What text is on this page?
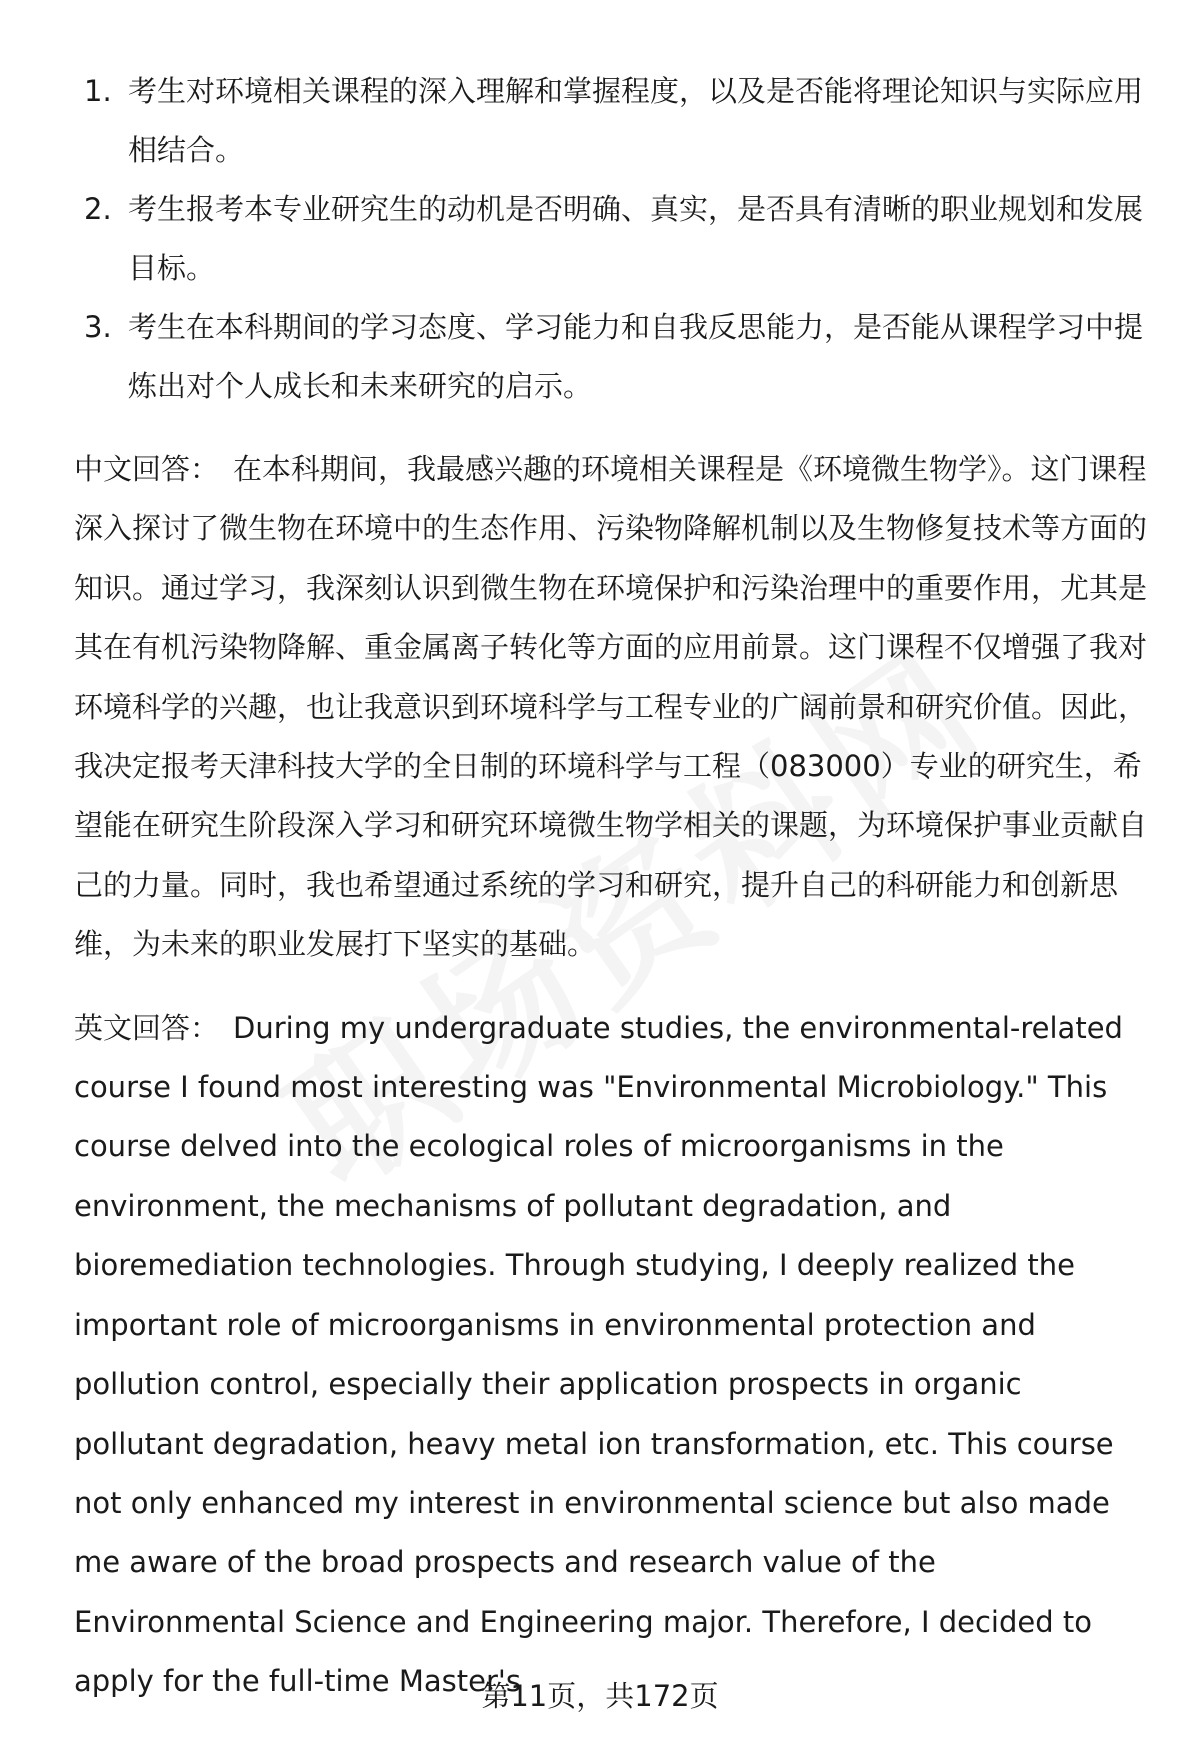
1. 考生对环境相关课程的深入理解和掌握程度，以及是否能将理论知识与实际应用相结合。
2. 考生报考本专业研究生的动机是否明确、真实，是否具有清晰的职业规划和发展目标。
3. 考生在本科期间的学习态度、学习能力和自我反思能力，是否能从课程学习中提炼出对个人成长和未来研究的启示。

中文回答： 在本科期间，我最感兴趣的环境相关课程是《环境微生物学》。这门课程深入探讨了微生物在环境中的生态作用、污染物降解机制以及生物修复技术等方面的知识。通过学习，我深刻认识到微生物在环境保护和污染治理中的重要作用，尤其是其在有机污染物降解、重金属离子转化等方面的应用前景。这门课程不仅增强了我对环境科学的兴趣，也让我意识到环境科学与工程专业的广阔前景和研究价值。因此，我决定报考天津科技大学的全日制的环境科学与工程（083000）专业的研究生，希望能在研究生阶段深入学习和研究环境微生物学相关的课题，为环境保护事业贡献自己的力量。同时，我也希望通过系统的学习和研究，提升自己的科研能力和创新思维，为未来的职业发展打下坚实的基础。

英文回答： During my undergraduate studies, the environmental-related course I found most interesting was "Environmental Microbiology." This course delved into the ecological roles of microorganisms in the environment, the mechanisms of pollutant degradation, and bioremediation technologies. Through studying, I deeply realized the important role of microorganisms in environmental protection and pollution control, especially their application prospects in organic pollutant degradation, heavy metal ion transformation, etc. This course not only enhanced my interest in environmental science but also made me aware of the broad prospects and research value of the Environmental Science and Engineering major. Therefore, I decided to apply for the full-time Master's

第11页，共172页
